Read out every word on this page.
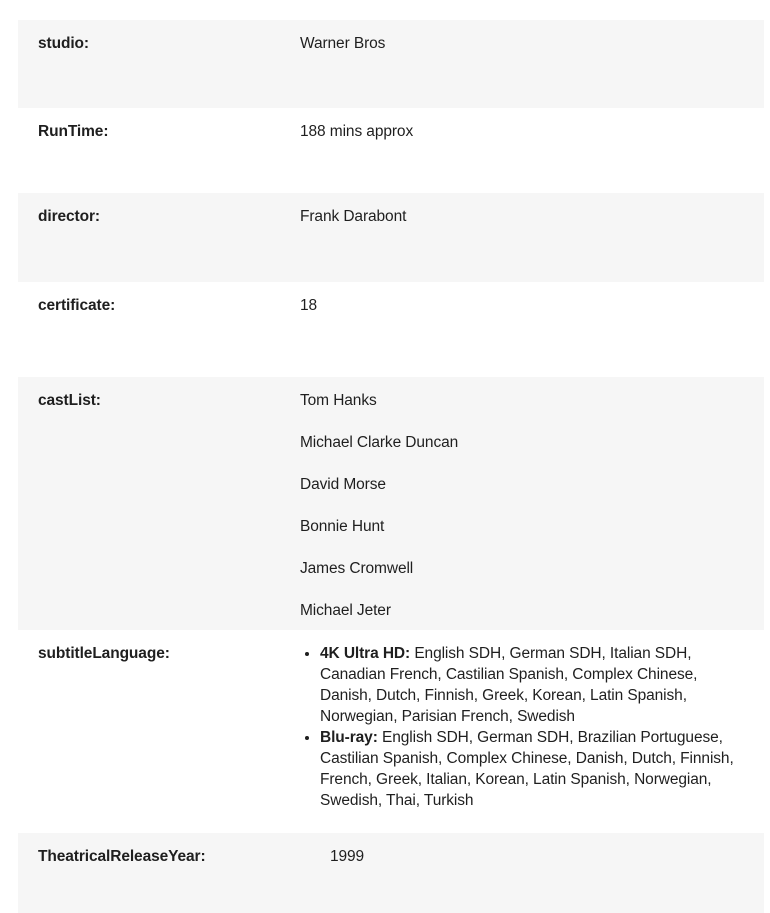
studio:	Warner Bros
RunTime:	188 mins approx
director:	Frank Darabont
certificate:	18
castList:	Tom Hanks
Michael Clarke Duncan
David Morse
Bonnie Hunt
James Cromwell
Michael Jeter
subtitleLanguage:	• 4K Ultra HD: English SDH, German SDH, Italian SDH, Canadian French, Castilian Spanish, Complex Chinese, Danish, Dutch, Finnish, Greek, Korean, Latin Spanish, Norwegian, Parisian French, Swedish
• Blu-ray: English SDH, German SDH, Brazilian Portuguese, Castilian Spanish, Complex Chinese, Danish, Dutch, Finnish, French, Greek, Italian, Korean, Latin Spanish, Norwegian, Swedish, Thai, Turkish
TheatricalReleaseYear:	1999
